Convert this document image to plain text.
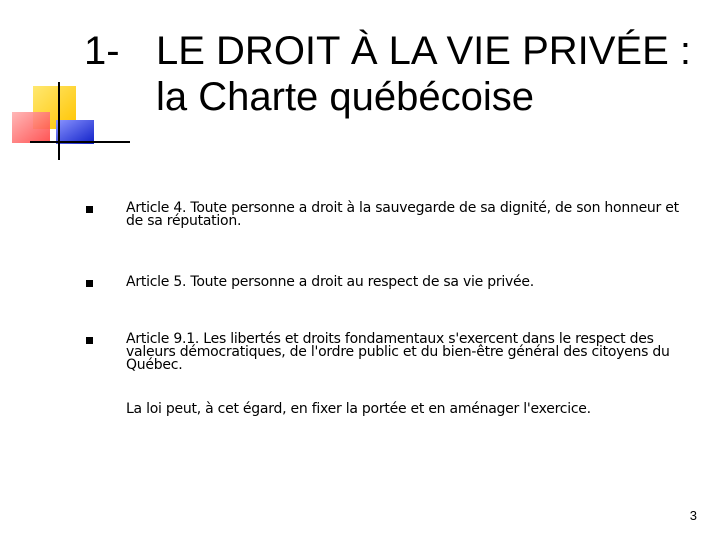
1- LE DROIT À LA VIE PRIVÉE :
la Charte québécoise
Article 4. Toute personne a droit à la sauvegarde de sa dignité, de son honneur et de sa réputation.
Article 5. Toute personne a droit au respect de sa vie privée.
Article 9.1. Les libertés et droits fondamentaux s'exercent dans le respect des valeurs démocratiques, de l'ordre public et du bien-être général des citoyens du Québec.
La loi peut, à cet égard, en fixer la portée et en aménager l'exercice.
3
